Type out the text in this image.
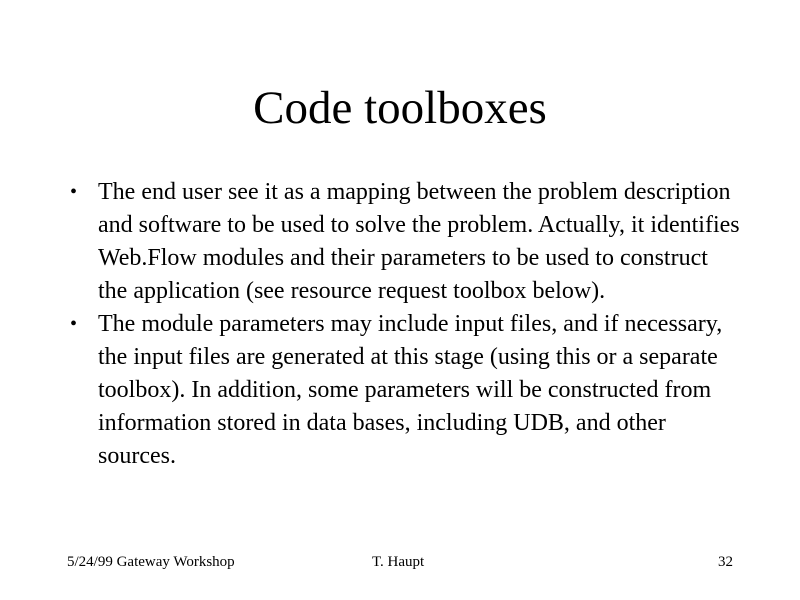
Code toolboxes
• The end user see it as a mapping between the problem description and software to be used to solve the problem. Actually, it identifies Web.Flow modules and their parameters to be used to construct the application (see resource request toolbox below).
• The module parameters may include input files, and if necessary, the input files are generated at this stage (using this or a separate toolbox). In addition, some parameters will be constructed from information stored in data bases, including UDB, and other sources.
5/24/99 Gateway Workshop	T. Haupt	32
